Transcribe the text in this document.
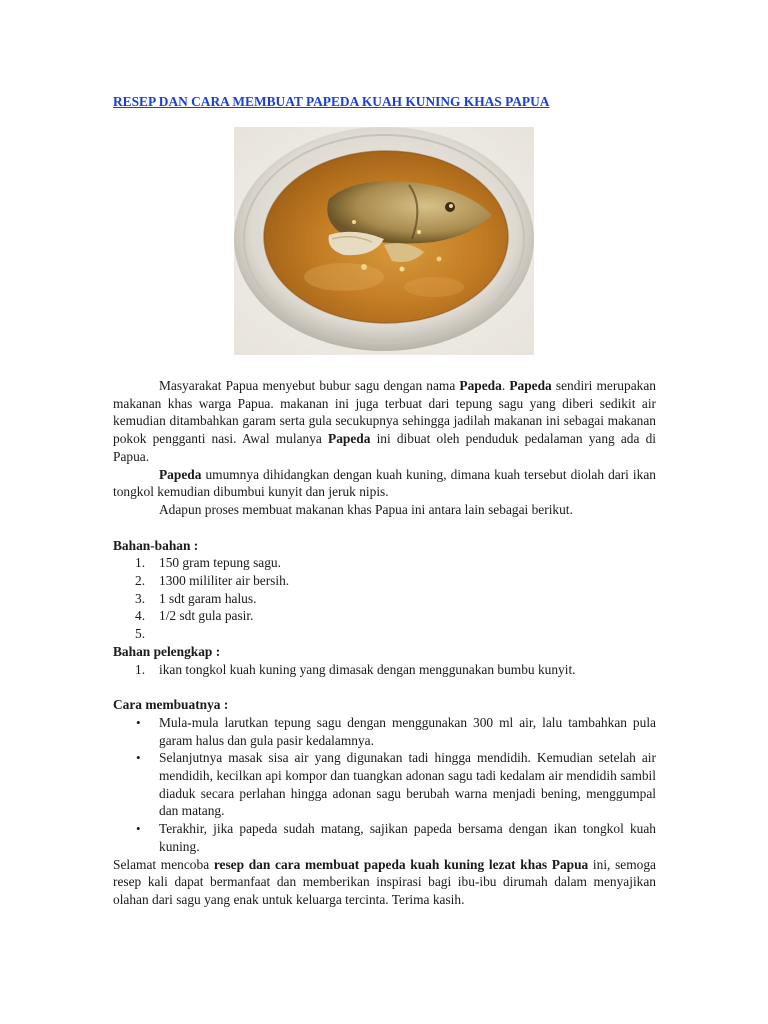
RESEP DAN CARA MEMBUAT PAPEDA KUAH KUNING KHAS PAPUA

Masyarakat Papua menyebut bubur sagu dengan nama Papeda. Papeda sendiri merupakan makanan khas warga Papua. makanan ini juga terbuat dari tepung sagu yang diberi sedikit air kemudian ditambahkan garam serta gula secukupnya sehingga jadilah makanan ini sebagai makanan pokok pengganti nasi. Awal mulanya Papeda ini dibuat oleh penduduk pedalaman yang ada di Papua.

Papeda umumnya dihidangkan dengan kuah kuning, dimana kuah tersebut diolah dari ikan tongkol kemudian dibumbui kunyit dan jeruk nipis.

Adapun proses membuat makanan khas Papua ini antara lain sebagai berikut.

Bahan-bahan :

1. 150 gram tepung sagu.
2. 1300 mililiter air bersih.
3. 1 sdt garam halus.
4. 1/2 sdt gula pasir.
5.

Bahan pelengkap :

1. ikan tongkol kuah kuning yang dimasak dengan menggunakan bumbu kunyit.

Cara membuatnya :

• Mula-mula larutkan tepung sagu dengan menggunakan 300 ml air, lalu tambahkan pula garam halus dan gula pasir kedalamnya.
• Selanjutnya masak sisa air yang digunakan tadi hingga mendidih. Kemudian setelah air mendidih, kecilkan api kompor dan tuangkan adonan sagu tadi kedalam air mendidih sambil diaduk secara perlahan hingga adonan sagu berubah warna menjadi bening, menggumpal dan matang.
• Terakhir, jika papeda sudah matang, sajikan papeda bersama dengan ikan tongkol kuah kuning.

Selamat mencoba resep dan cara membuat papeda kuah kuning lezat khas Papua ini, semoga resep kali dapat bermanfaat dan memberikan inspirasi bagi ibu-ibu dirumah dalam menyajikan olahan dari sagu yang enak untuk keluarga tercinta. Terima kasih.
